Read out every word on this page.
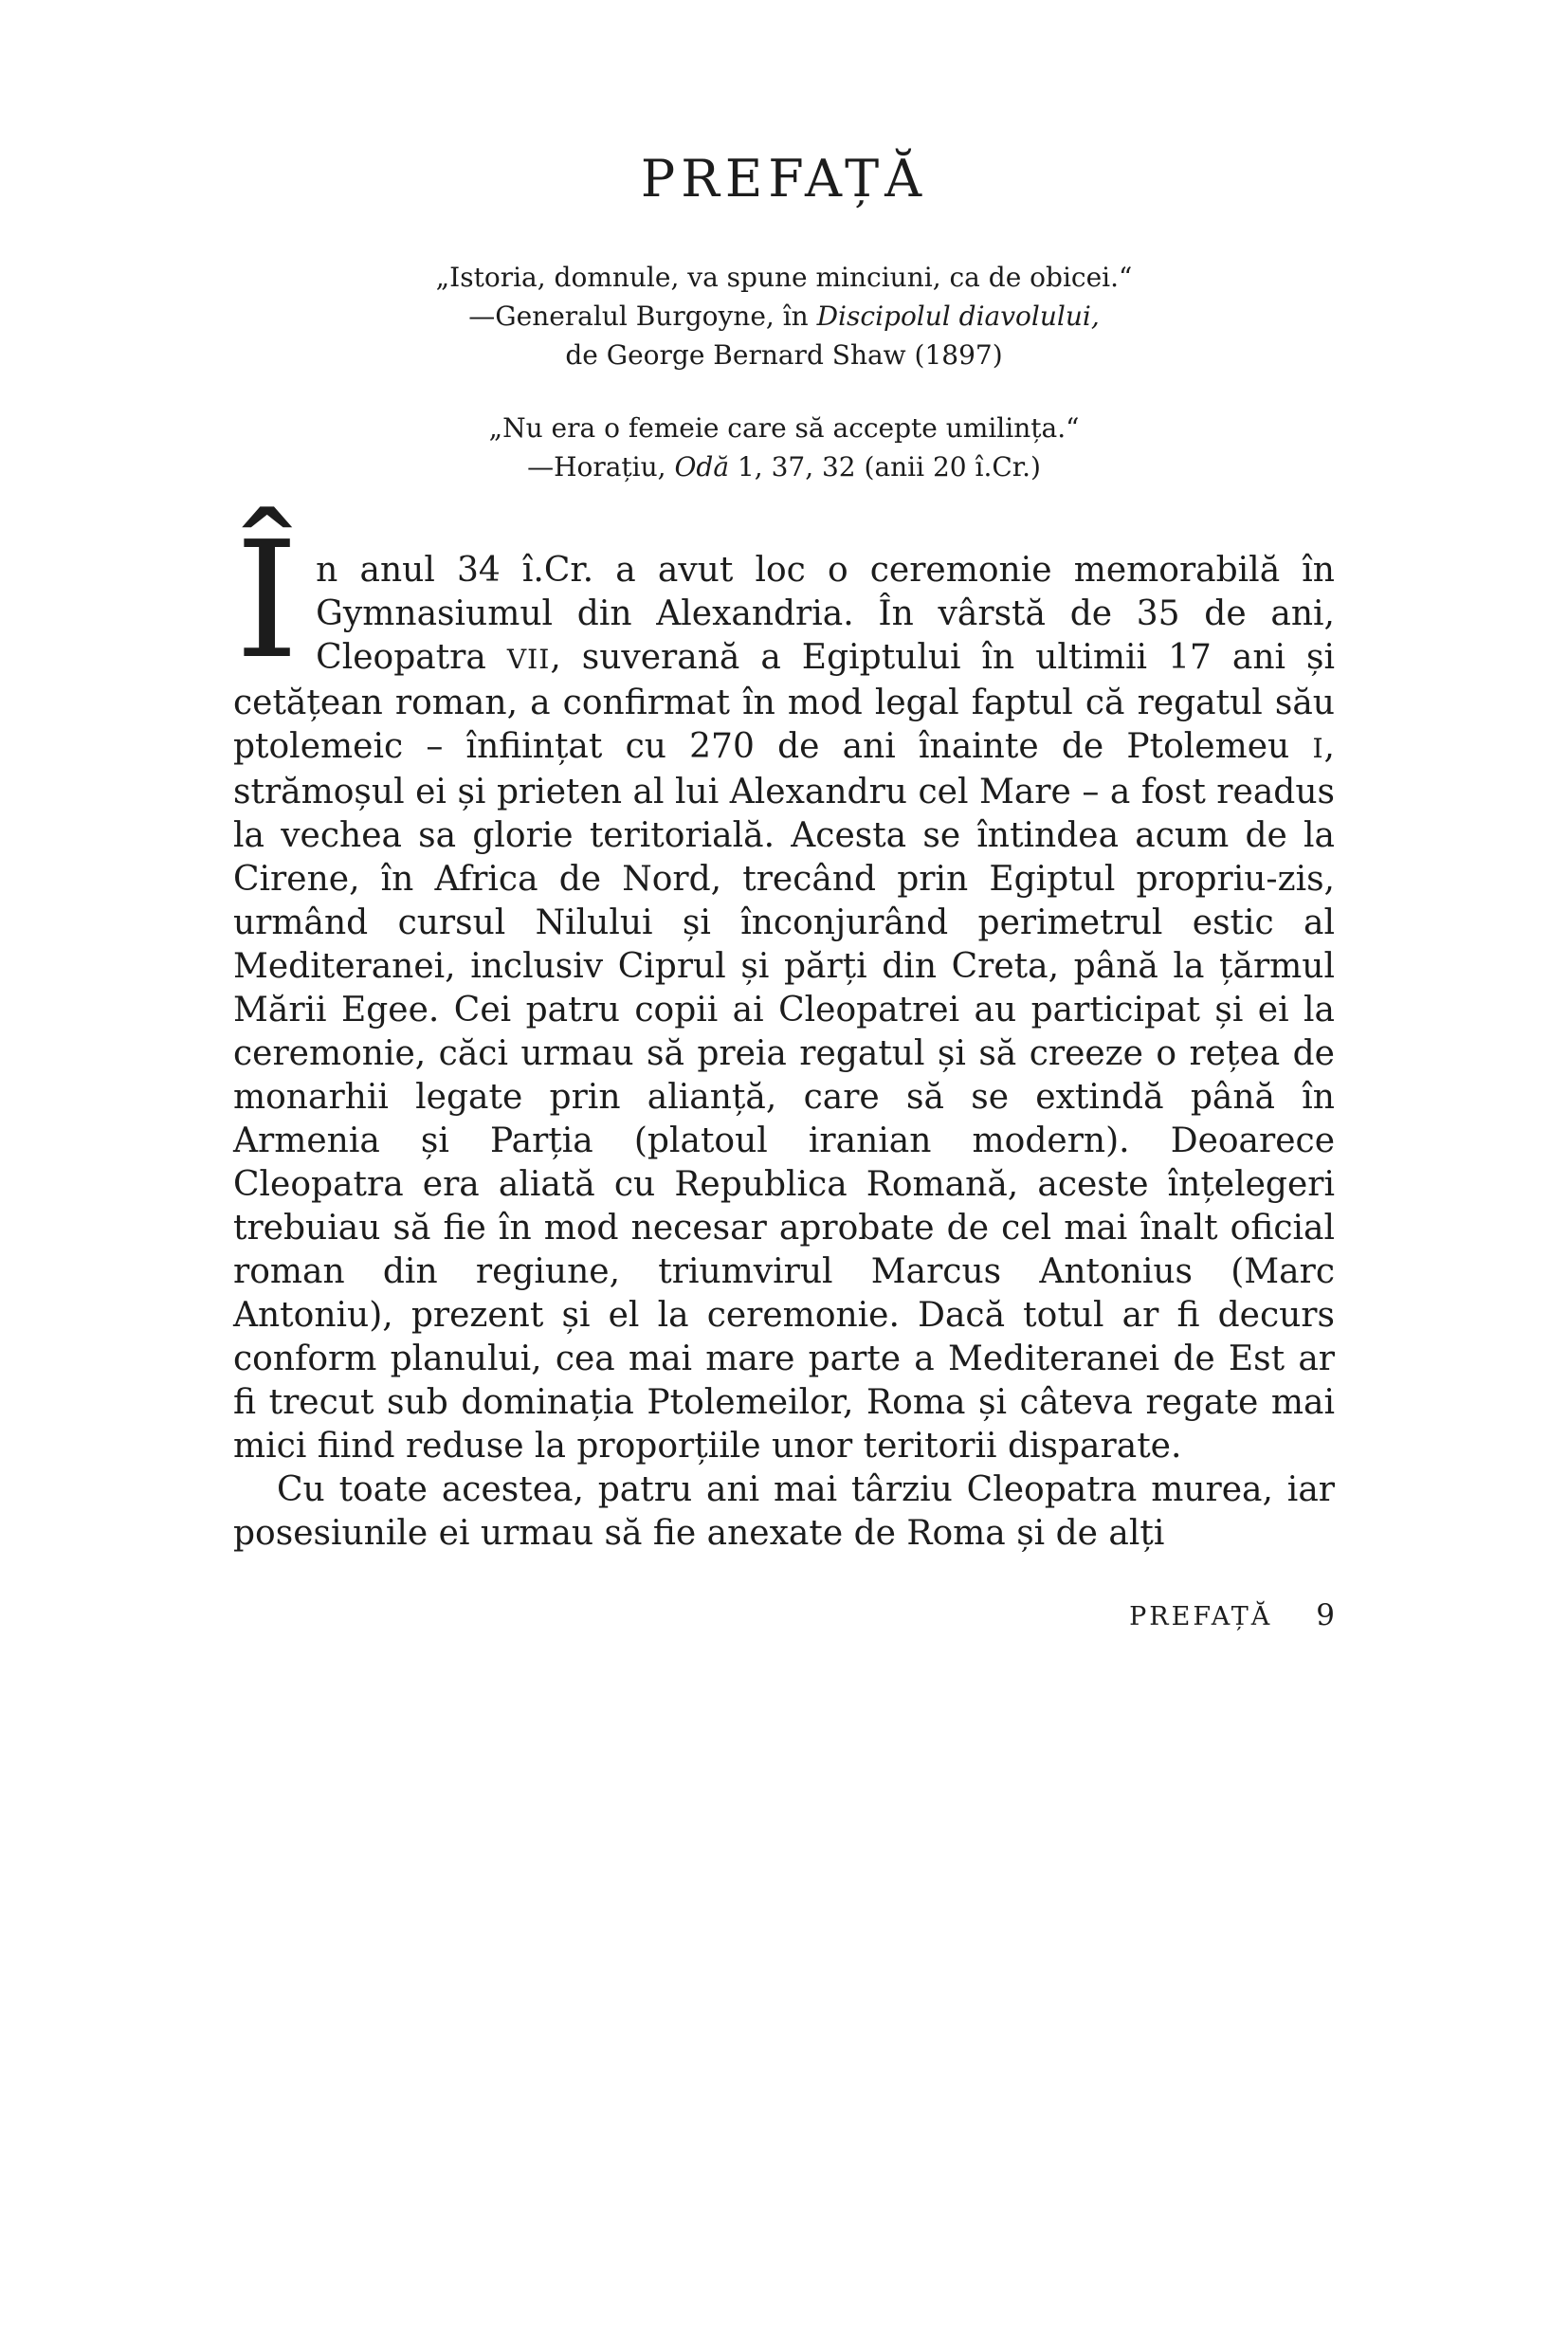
PREFAȚĂ
„Istoria, domnule, va spune minciuni, ca de obicei.“
—Generalul Burgoyne, în Discipolul diavolului,
de George Bernard Shaw (1897)
„Nu era o femeie care să accepte umilința.“
—Horațiu, Odă 1, 37, 32 (anii 20 î.Cr.)

În anul 34 î.Cr. a avut loc o ceremonie memorabilă în Gymnasiumul din Alexandria. În vârstă de 35 de ani, Cleopatra VII, suverană a Egiptului în ultimii 17 ani și cetățean roman, a confirmat în mod legal faptul că regatul său ptolemeic – înființat cu 270 de ani înainte de Ptolemeu I, strămoșul ei și prieten al lui Alexandru cel Mare – a fost readus la vechea sa glorie teritorială. Acesta se întindea acum de la Cirene, în Africa de Nord, trecând prin Egiptul propriu-zis, urmând cursul Nilului și înconjurând perimetrul estic al Mediteranei, inclusiv Ciprul și părți din Creta, până la țărmul Mării Egee. Cei patru copii ai Cleopatrei au participat și ei la ceremonie, căci urmau să preia regatul și să creeze o rețea de monarhii legate prin alianță, care să se extindă până în Armenia și Parția (platoul iranian modern). Deoarece Cleopatra era aliată cu Republica Romană, aceste înțelegeri trebuiau să fie în mod necesar aprobate de cel mai înalt oficial roman din regiune, triumvirul Marcus Antonius (Marc Antoniu), prezent și el la ceremonie. Dacă totul ar fi decurs conform planului, cea mai mare parte a Mediteranei de Est ar fi trecut sub dominația Ptolemeilor, Roma și câteva regate mai mici fiind reduse la proporțiile unor teritorii disparate.

Cu toate acestea, patru ani mai târziu Cleopatra murea, iar posesiunile ei urmau să fie anexate de Roma și de alți

PREFAȚĂ 9
